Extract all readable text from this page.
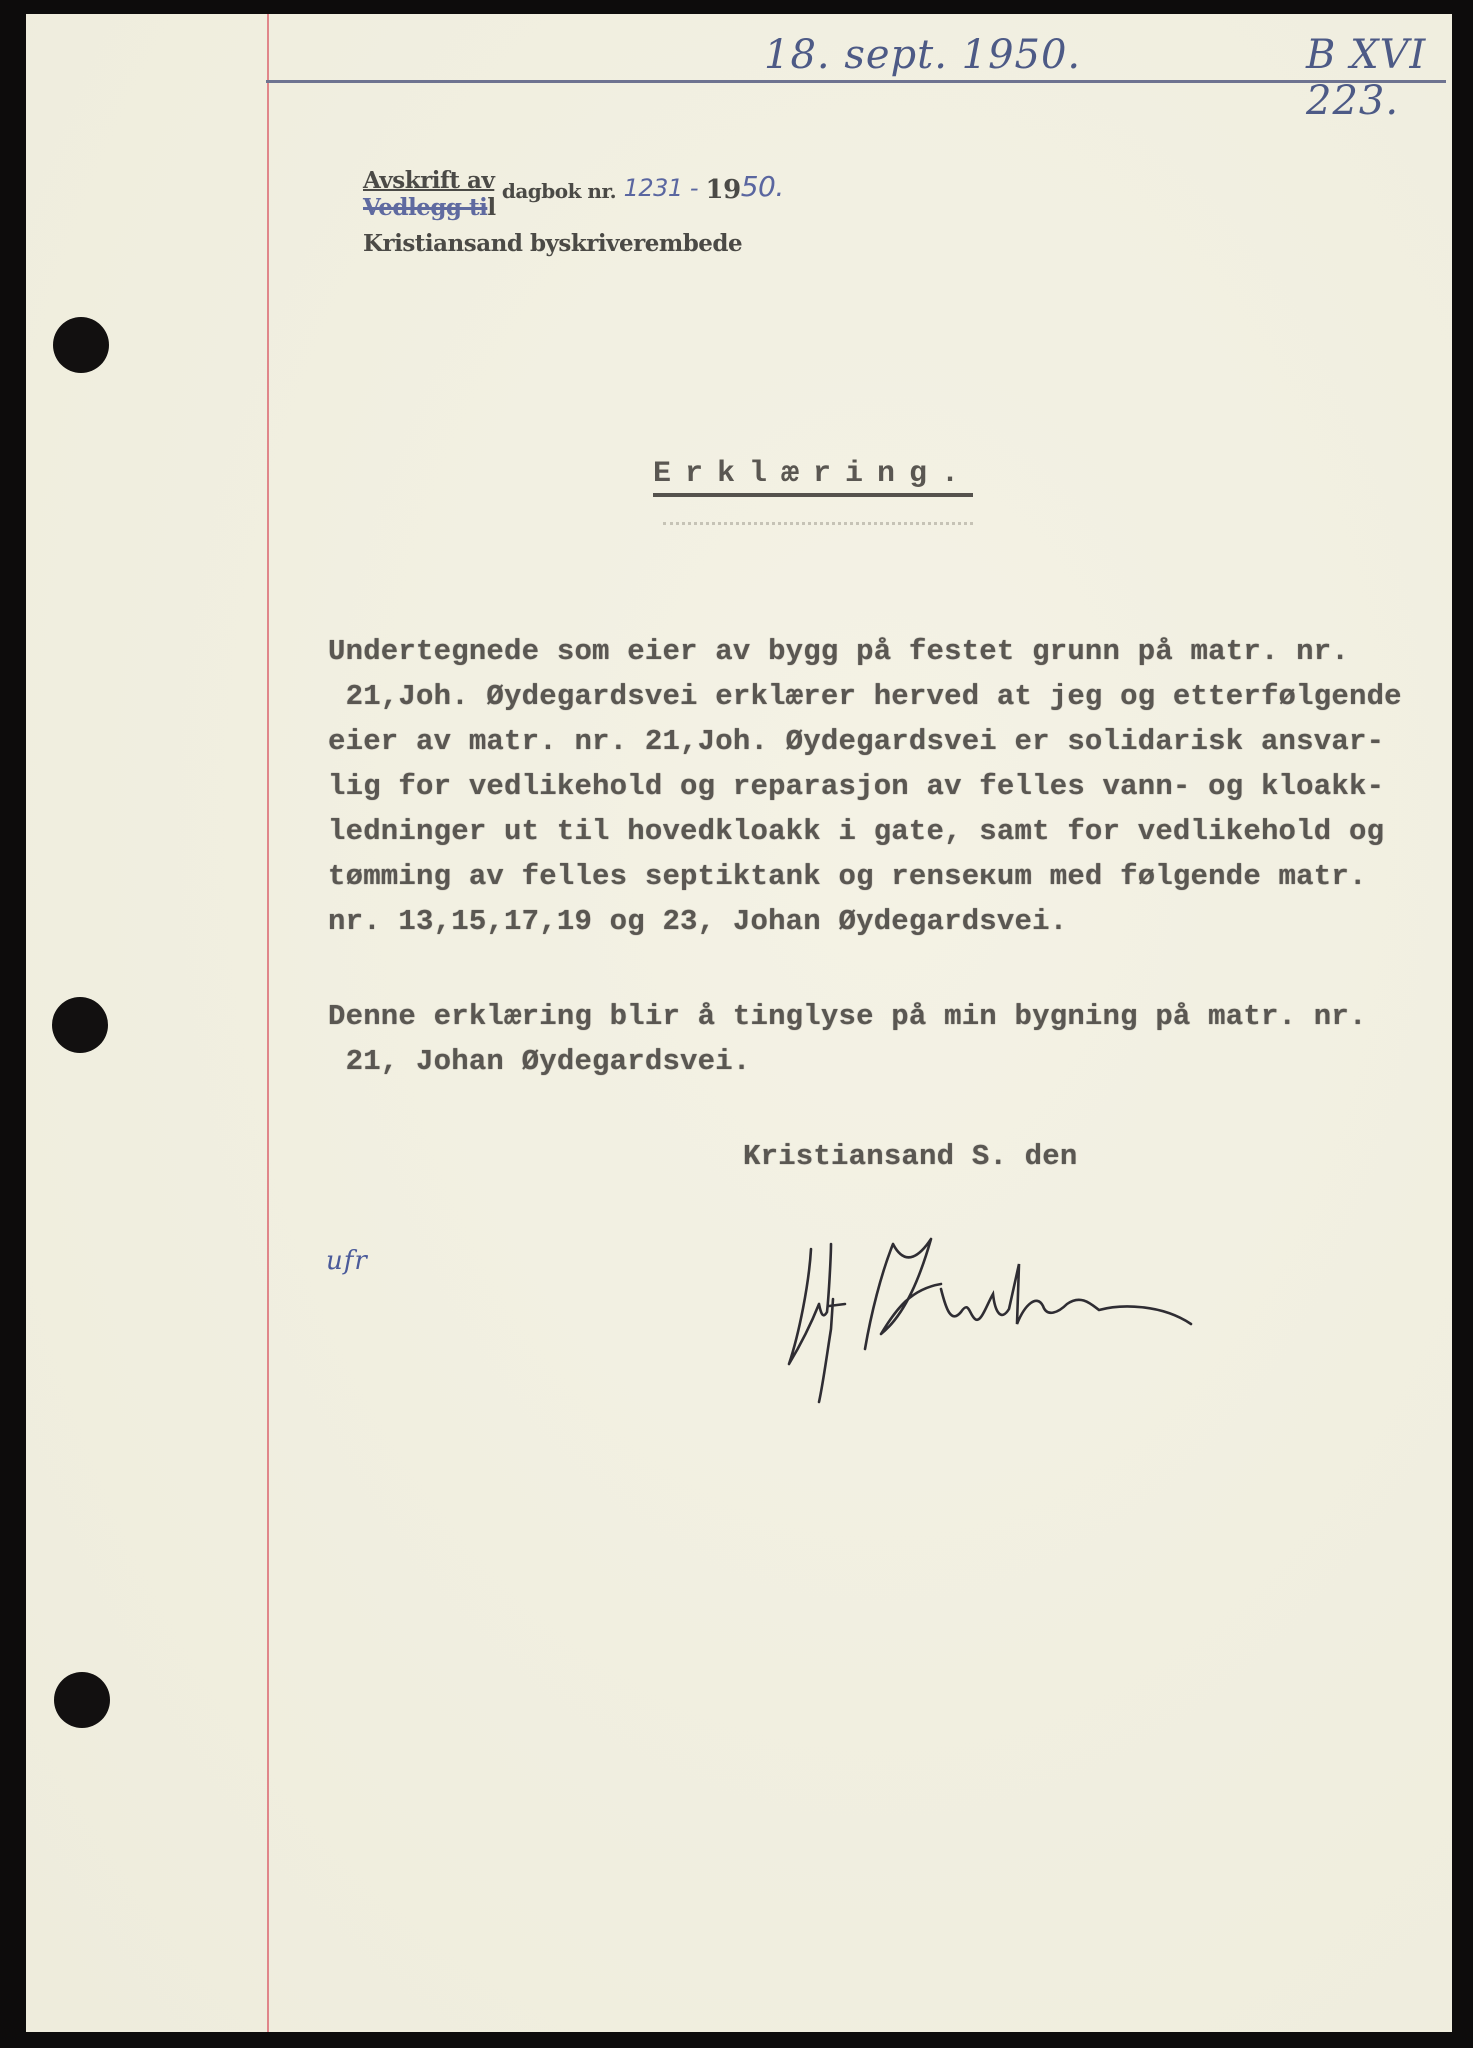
18. sept. 1950.	B XVI 223.
Avskrift av dagbok nr. 1231 - 1950.
Vedlegg til
Kristiansand byskriverembede
Erklæring.
Undertegnede som eier av bygg på festet grunn på matr. nr.
21,Joh. Øydegardsvei erklærer herved at jeg og etterfølgende
eier av matr. nr. 21,Joh. Øydegardsvei er solidarisk ansvar-
lig for vedlikehold og reparasjon av felles vann- og kloakk-
ledninger ut til hovedkloakk i gate, samt for vedlikehold og
tømming av felles septiktank og renseкum med følgende matr.
nr. 13,15,17,19 og 23, Johan Øydegardsvei.
Denne erklæring blir å tinglyse på min bygning på matr. nr.
21, Johan Øydegardsvei.
Kristiansand S. den
ufr
